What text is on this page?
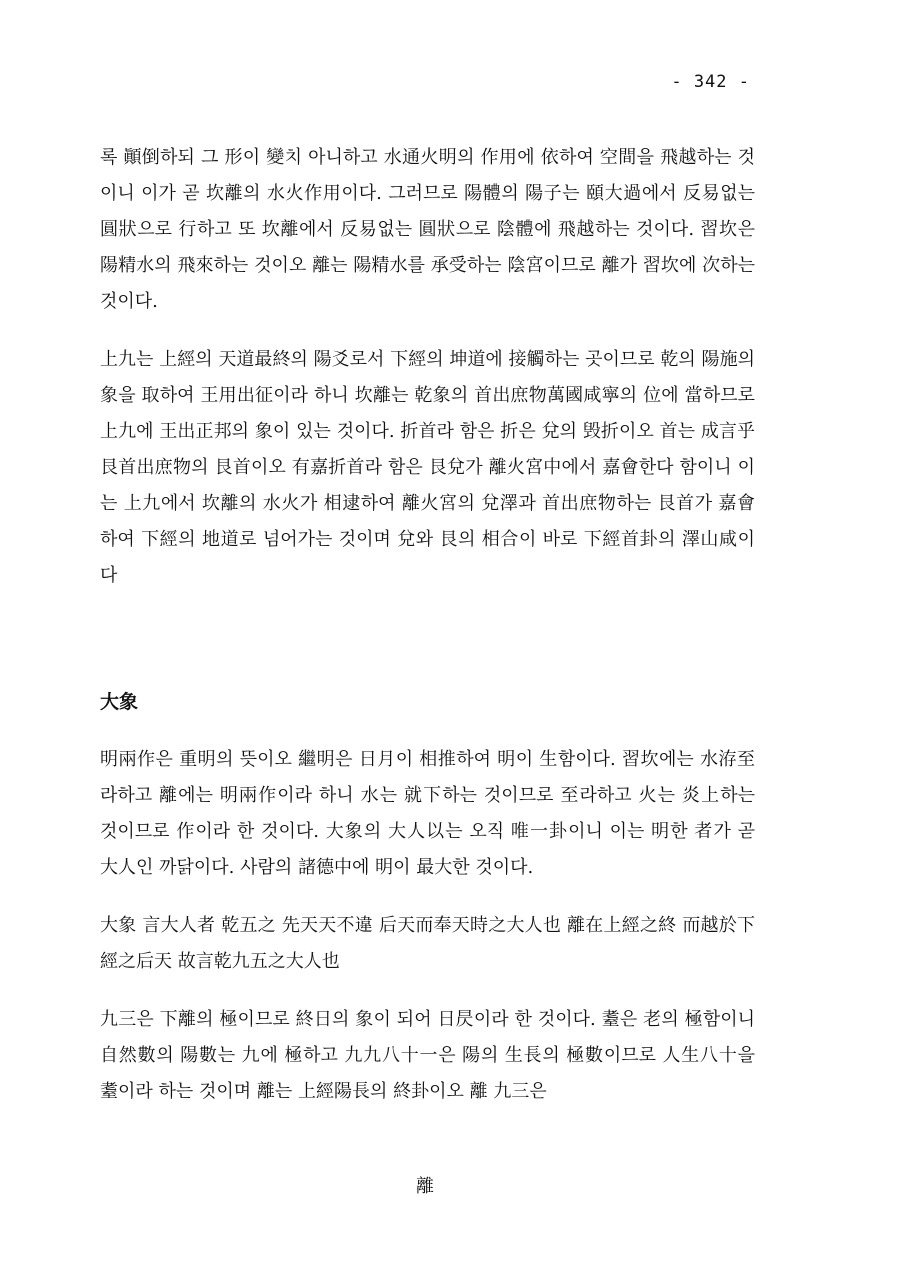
- 342 -

록 顚倒하되 그 形이 變치 아니하고 水通火明의 作用에 依하여 空間을 飛越하는 것이니 이가 곧 坎離의 水火作用이다. 그러므로 陽體의 陽子는 頤大過에서 反易없는 圓狀으로 行하고 또 坎離에서 反易없는 圓狀으로 陰體에 飛越하는 것이다. 習坎은 陽精水의 飛來하는 것이오 離는 陽精水를 承受하는 陰宮이므로 離가 習坎에 次하는 것이다.

上九는 上經의 天道最終의 陽爻로서 下經의 坤道에 接觸하는 곳이므로 乾의 陽施의 象을 取하여 王用出征이라 하니 坎離는 乾象의 首出庶物萬國咸寧의 位에 當하므로 上九에 王出正邦의 象이 있는 것이다. 折首라 함은 折은 兌의 毁折이오 首는 成言乎艮首出庶物의 艮首이오 有嘉折首라 함은 艮兌가 離火宮中에서 嘉會한다 함이니 이는 上九에서 坎離의 水火가 相逮하여 離火宮의 兌澤과 首出庶物하는 艮首가 嘉會하여 下經의 地道로 넘어가는 것이며 兌와 艮의 相合이 바로 下經首卦의 澤山咸이다

大象

明兩作은 重明의 뜻이오 繼明은 日月이 相推하여 明이 生함이다. 習坎에는 水洊至라하고 離에는 明兩作이라 하니 水는 就下하는 것이므로 至라하고 火는 炎上하는 것이므로 作이라 한 것이다. 大象의 大人以는 오직 唯一卦이니 이는 明한 者가 곧 大人인 까닭이다. 사람의 諸德中에 明이 最大한 것이다.

大象 言大人者 乾五之 先天天不違 后天而奉天時之大人也 離在上經之終 而越於下經之后天 故言乾九五之大人也

九三은 下離의 極이므로 終日의 象이 되어 日昃이라 한 것이다. 耋은 老의 極함이니 自然數의 陽數는 九에 極하고 九九八十一은 陽의 生長의 極數이므로 人生八十을 耋이라 하는 것이며 離는 上經陽長의 終卦이오 離 九三은

離
